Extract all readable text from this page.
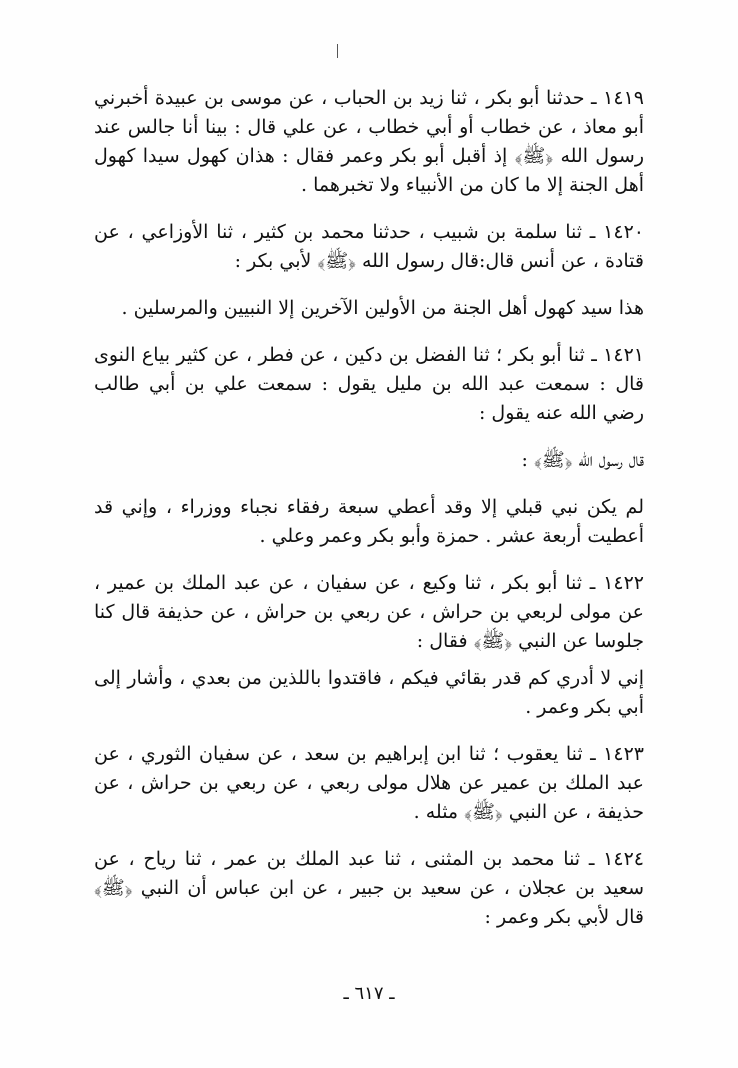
١٤١٩ ـ حدثنا أبو بكر ، ثنا زيد بن الحباب ، عن موسى بن عبيدة أخبرني أبو معاذ ، عن خطاب أو أبي خطاب ، عن علي قال : بينا أنا جالس عند رسول الله ﴿ﷺ﴾ إذ أقبل أبو بكر وعمر فقال : هذان كهول سيدا كهول أهل الجنة إلا ما كان من الأنبياء ولا تخبرهما .

١٤٢٠ ـ ثنا سلمة بن شبيب ، حدثنا محمد بن كثير ، ثنا الأوزاعي ، عن قتادة ، عن أنس قال:قال رسول الله ﴿ﷺ﴾ لأبي بكر :

هذا سيد كهول أهل الجنة من الأولين الآخرين إلا النبيين والمرسلين .

١٤٢١ ـ ثنا أبو بكر ؛ ثنا الفضل بن دكين ، عن فطر ، عن كثير بياع النوى قال : سمعت عبد الله بن مليل يقول : سمعت علي بن أبي طالب رضي الله عنه يقول :

قال رسول الله ﴿ﷺ﴾ :

لم يكن نبي قبلي إلا وقد أعطي سبعة رفقاء نجباء ووزراء ، وإني قد أعطيت أربعة عشر . حمزة وأبو بكر وعمر وعلي .

١٤٢٢ ـ ثنا أبو بكر ، ثنا وكيع ، عن سفيان ، عن عبد الملك بن عمير ، عن مولى لربعي بن حراش ، عن ربعي بن حراش ، عن حذيفة قال كنا جلوسا عن النبي ﴿ﷺ﴾ فقال :

إني لا أدري كم قدر بقائي فيكم ، فاقتدوا باللذين من بعدي ، وأشار إلى أبي بكر وعمر .

١٤٢٣ ـ ثنا يعقوب ؛ ثنا ابن إبراهيم بن سعد ، عن سفيان الثوري ، عن عبد الملك بن عمير عن هلال مولى ربعي ، عن ربعي بن حراش ، عن حذيفة ، عن النبي ﴿ﷺ﴾ مثله .

١٤٢٤ ـ ثنا محمد بن المثنى ، ثنا عبد الملك بن عمر ، ثنا رياح ، عن سعيد بن عجلان ، عن سعيد بن جبير ، عن ابن عباس أن النبي ﴿ﷺ﴾ قال لأبي بكر وعمر :

ـ ٦١٧ ـ
